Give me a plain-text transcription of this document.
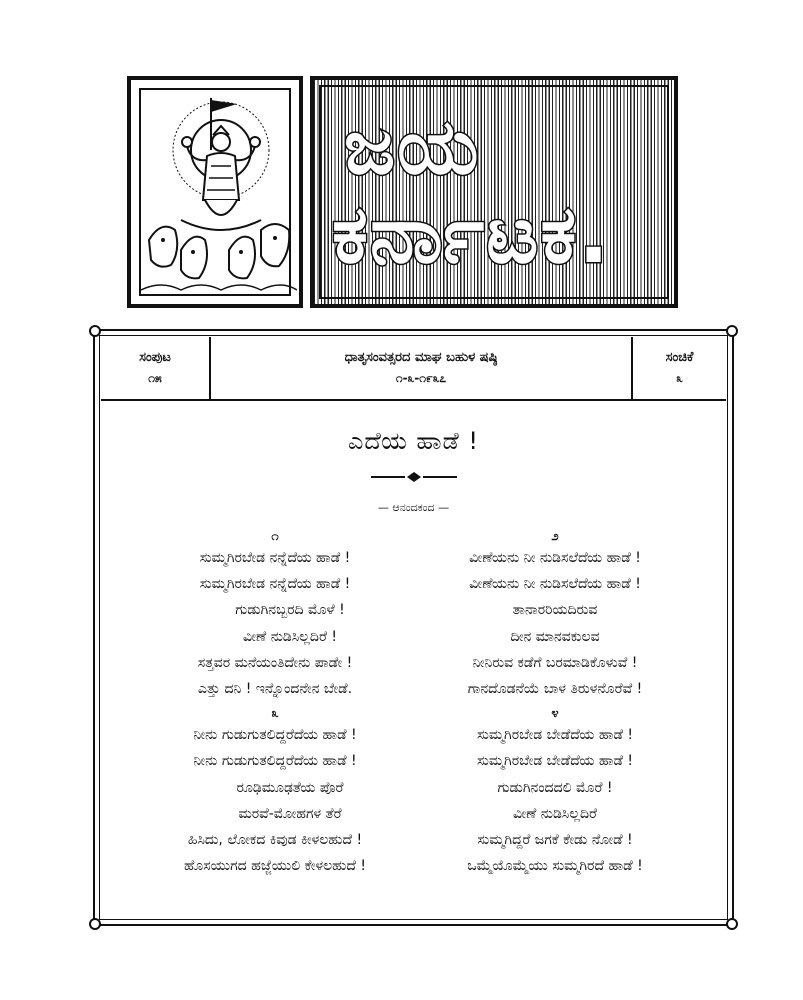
ಜಯ
ಕರ್ನಾಟಕ.
ಸಂಪುಟ
೧೫
ಧಾತೃಸಂವತ್ಸರದ ಮಾಘ ಬಹುಳ ಷಷ್ಠಿ
೧-೩-೧೯೩೭
ಸಂಚಿಕೆ
೩
ಎದೆಯ ಹಾಡೆ !
— ಆನಂದಕಂದ —
೧
ಸುಮ್ಮಗಿರಬೇಡ ನನ್ನೆದೆಯ ಹಾಡೆ !
ಸುಮ್ಮಗಿರಬೇಡ ನನ್ನೆದೆಯ ಹಾಡೆ !
ಗುಡುಗಿನಬ್ಬರದಿ ಮೊಳೆ !
ವೀಣೆ ನುಡಿಸಿಲ್ಲದಿರೆ !
ಸತ್ತವರ ಮನೆಯಂತಿದೇನು ಪಾಡೇ !
ಎತ್ತು ದನಿ ! ಇನ್ನೊಂದನೇನ ಬೇಡೆ.
೩
ನೀನು ಗುಡುಗುತಲಿದ್ದರೆದೆಯ ಹಾಡೆ !
ನೀನು ಗುಡುಗುತಲಿದ್ದರೆದೆಯ ಹಾಡೆ !
ರೂಢಿಮೂಢತೆಯ ಪೊರೆ
ಮರವೆ-ಮೋಹಗಳ ತೆರೆ
ಹಿಸಿದು, ಲೋಕದ ಕಿವುಡ ಕೀಳಲಹುದೆ !
ಹೊಸಯುಗದ ಹಜ್ಜೆಯುಲಿ ಕೇಳಲಹುದೆ !
೨
ವೀಣೆಯನು ನೀ ನುಡಿಸಲೆದೆಯ ಹಾಡೆ !
ವೀಣೆಯನು ನೀ ನುಡಿಸಲೆದೆಯ ಹಾಡೆ !
ತಾನಾರರಿಯದಿರುವ
ದೀನ ಮಾನವಕುಲವ
ನೀನಿರುವ ಕಡೆಗೆ ಬರಮಾಡಿಕೊಳುವೆ !
ಗಾನದೊಡನೆಯೆ ಬಾಳ ತಿರುಳನೊರೆವೆ !
೪
ಸುಮ್ಮಗಿರಬೇಡ ಬೇಡೆದೆಯ ಹಾಡೆ !
ಸುಮ್ಮಗಿರಬೇಡ ಬೇಡೆದೆಯ ಹಾಡೆ !
ಗುಡುಗಿನಂದದಲಿ ಮೊರೆ !
ವೀಣೆ ನುಡಿಸಿಲ್ಲದಿರೆ
ಸುಮ್ಮಗಿದ್ದರೆ ಜಗಕೆ ಕೇಡು ನೋಡೆ !
ಒಮ್ಮೆಯೊಮ್ಮೆಯು ಸುಮ್ಮಗಿರದೆ ಹಾಡೆ !
